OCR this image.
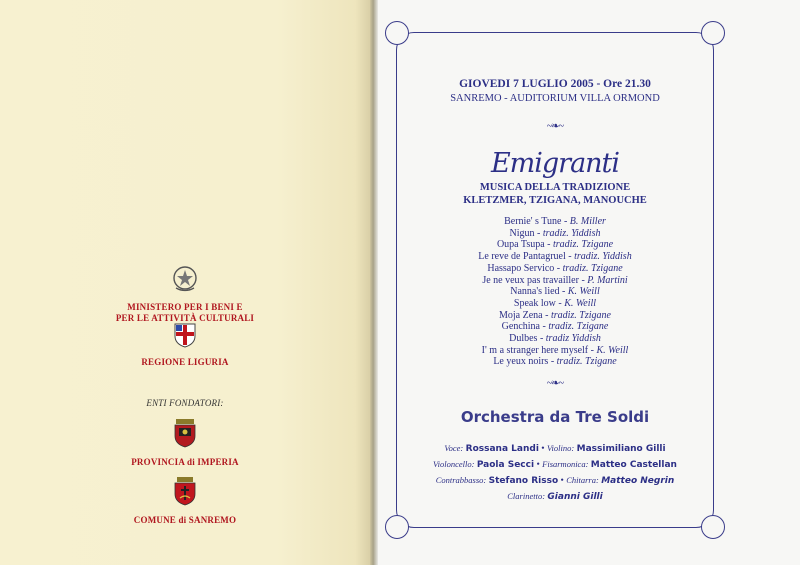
MINISTERO PER I BENI E
PER LE ATTIVITÀ CULTURALI
REGIONE LIGURIA
ENTI FONDATORI:
PROVINCIA di IMPERIA
COMUNE di SANREMO
GIOVEDI 7 LUGLIO 2005 - Ore 21.30
SANREMO - AUDITORIUM VILLA ORMOND
~❧~
Emigranti
MUSICA DELLA TRADIZIONE
KLETZMER, TZIGANA, MANOUCHE
Bernie' s Tune - B. Miller
Nigun - tradiz. Yiddish
Oupa Tsupa - tradiz. Tzigane
Le reve de Pantagruel - tradiz. Yiddish
Hassapo Servico - tradiz. Tzigane
Je ne veux pas travailler - P. Martini
Nanna's lied - K. Weill
Speak low - K. Weill
Moja Zena - tradiz. Tzigane
Genchina - tradiz. Tzigane
Dulbes - tradiz Yiddish
I' m a stranger here myself - K. Weill
Le yeux noirs - tradiz. Tzigane
~❧~
Orchestra da Tre Soldi
Voce: Rossana Landi • Violino: Massimiliano Gilli
Violoncello: Paola Secci • Fisarmonica: Matteo Castellan
Contrabbasso: Stefano Risso • Chitarra: Matteo Negrin
Clarinetto: Gianni Gilli
